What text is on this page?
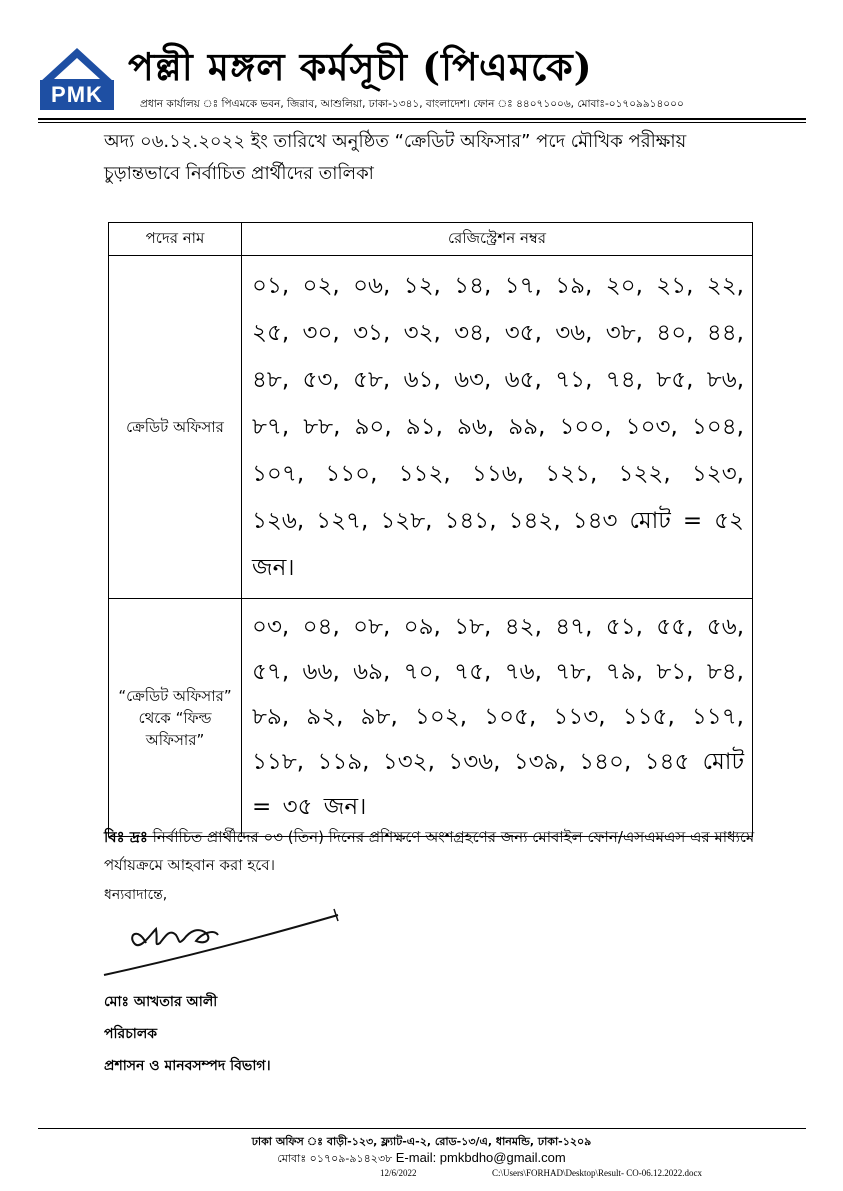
PMK
পল্লী মঙ্গল কর্মসূচী (পিএমকে)
প্রধান কার্যালয় ঃ পিএমকে ভবন, জিরাব, আশুলিয়া, ঢাকা-১৩৪১, বাংলাদেশ। ফোন ঃ ৪৪০৭১০০৬, মোবাঃ-০১৭০৯৯১৪০০০
অদ্য ০৬.১২.২০২২ ইং তারিখে অনুষ্ঠিত “ক্রেডিট অফিসার” পদে মৌখিক পরীক্ষায় চুড়ান্তভাবে নির্বাচিত প্রার্থীদের তালিকা
পদের নাম	রেজিস্ট্রেশন নম্বর
ক্রেডিট অফিসার	০১, ০২, ০৬, ১২, ১৪, ১৭, ১৯, ২০, ২১, ২২, ২৫, ৩০, ৩১, ৩২, ৩৪, ৩৫, ৩৬, ৩৮, ৪০, ৪৪, ৪৮, ৫৩, ৫৮, ৬১, ৬৩, ৬৫, ৭১, ৭৪, ৮৫, ৮৬, ৮৭, ৮৮, ৯০, ৯১, ৯৬, ৯৯, ১০০, ১০৩, ১০৪, ১০৭, ১১০, ১১২, ১১৬, ১২১, ১২২, ১২৩, ১২৬, ১২৭, ১২৮, ১৪১, ১৪২, ১৪৩ মোট = ৫২ জন।
“ক্রেডিট অফিসার” থেকে “ফিল্ড অফিসার”	০৩, ০৪, ০৮, ০৯, ১৮, ৪২, ৪৭, ৫১, ৫৫, ৫৬, ৫৭, ৬৬, ৬৯, ৭০, ৭৫, ৭৬, ৭৮, ৭৯, ৮১, ৮৪, ৮৯, ৯২, ৯৮, ১০২, ১০৫, ১১৩, ১১৫, ১১৭, ১১৮, ১১৯, ১৩২, ১৩৬, ১৩৯, ১৪০, ১৪৫ মোট = ৩৫ জন।
বিঃ দ্রঃ নির্বাচিত প্রার্থীদের ০৩ (তিন) দিনের প্রশিক্ষণে অংশগ্রহণের জন্য মোবাইল ফোন/এসএমএস এর মাধ্যমে পর্যায়ক্রমে আহবান করা হবে।
ধন্যবাদান্তে,
মোঃ আখতার আলী
পরিচালক
প্রশাসন ও মানবসম্পদ বিভাগ।
ঢাকা অফিস ঃ বাড়ী-১২৩, ফ্ল্যাট-এ-২, রোড-১৩/এ, ধানমন্ডি, ঢাকা-১২০৯
মোবাঃ ০১৭০৯-৯১৪২৩৮ E-mail: pmkbdho@gmail.com
12/6/2022	C:\Users\FORHAD\Desktop\Result- CO-06.12.2022.docx
